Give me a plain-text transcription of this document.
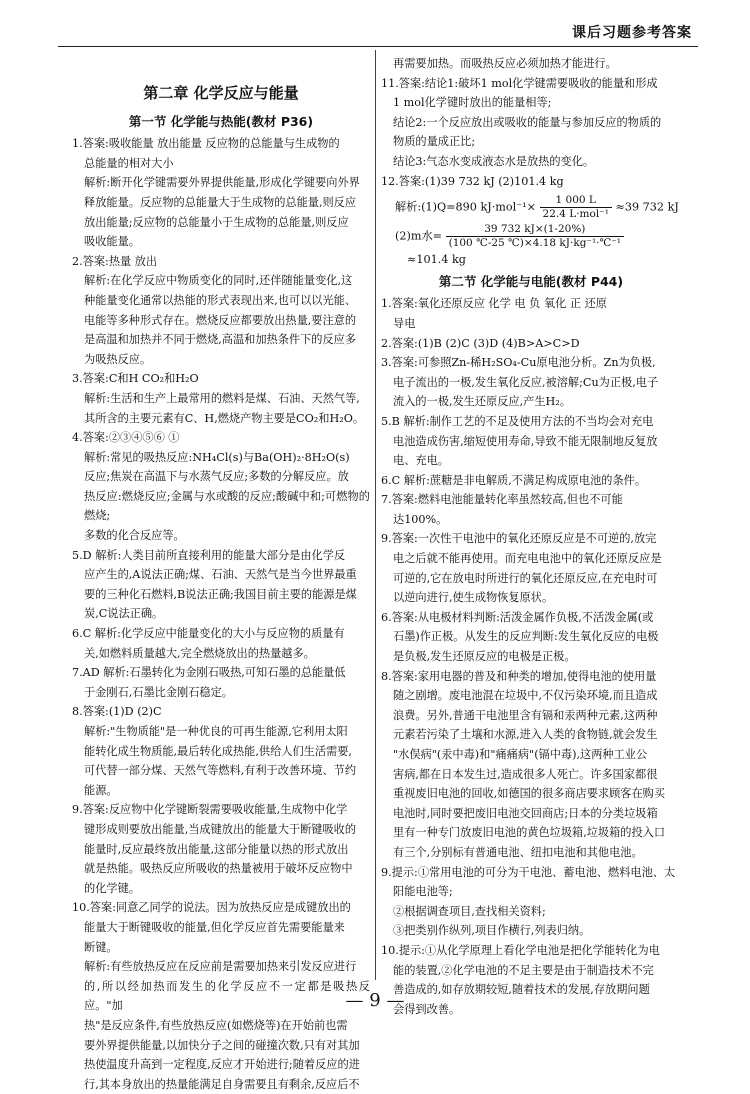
课后习题参考答案
第二章 化学反应与能量
第一节 化学能与热能(教材 P36)
1.答案:吸收能量 放出能量 反应物的总能量与生成物的
总能量的相对大小
解析:断开化学键需要外界提供能量,形成化学键要向外界
释放能量。反应物的总能量大于生成物的总能量,则反应
放出能量;反应物的总能量小于生成物的总能量,则反应
吸收能量。
2.答案:热量 放出
解析:在化学反应中物质变化的同时,还伴随能量变化,这
种能量变化通常以热能的形式表现出来,也可以以光能、
电能等多种形式存在。燃烧反应都要放出热量,要注意的
是高温和加热并不同于燃烧,高温和加热条件下的反应多
为吸热反应。
3.答案:C和H CO₂和H₂O
解析:生活和生产上最常用的燃料是煤、石油、天然气等,
其所含的主要元素有C、H,燃烧产物主要是CO₂和H₂O。
4.答案:②③④⑤⑥ ①
解析:常见的吸热反应:NH₄Cl(s)与Ba(OH)₂·8H₂O(s)
反应;焦炭在高温下与水蒸气反应;多数的分解反应。放
热反应:燃烧反应;金属与水或酸的反应;酸碱中和;可燃物的燃烧;
多数的化合反应等。
5.D 解析:人类目前所直接利用的能量大部分是由化学反
应产生的,A说法正确;煤、石油、天然气是当今世界最重
要的三种化石燃料,B说法正确;我国目前主要的能源是煤
炭,C说法正确。
6.C 解析:化学反应中能量变化的大小与反应物的质量有
关,如燃料质量越大,完全燃烧放出的热量越多。
7.AD 解析:石墨转化为金刚石吸热,可知石墨的总能量低
于金刚石,石墨比金刚石稳定。
8.答案:(1)D (2)C
解析:"生物质能"是一种优良的可再生能源,它利用太阳
能转化成生物质能,最后转化成热能,供给人们生活需要,
可代替一部分煤、天然气等燃料,有利于改善环境、节约
能源。
9.答案:反应物中化学键断裂需要吸收能量,生成物中化学
键形成则要放出能量,当成键放出的能量大于断键吸收的
能量时,反应最终放出能量,这部分能量以热的形式放出
就是热能。吸热反应所吸收的热量被用于破坏反应物中
的化学键。
10.答案:同意乙同学的说法。因为放热反应是成键放出的
能量大于断键吸收的能量,但化学反应首先需要能量来
断键。
解析:有些放热反应在反应前是需要加热来引发反应进行
的,所以经加热而发生的化学反应不一定都是吸热反应。"加
热"是反应条件,有些放热反应(如燃烧等)在开始前也需
要外界提供能量,以加快分子之间的碰撞次数,只有对其加
热使温度升高到一定程度,反应才开始进行;随着反应的进
行,其本身放出的热量能满足自身需要且有剩余,反应后不
再需要加热。而吸热反应必须加热才能进行。
11.答案:结论1:破坏1 mol化学键需要吸收的能量和形成
1 mol化学键时放出的能量相等;
结论2:一个反应放出或吸收的能量与参加反应的物质的
物质的量成正比;
结论3:气态水变成液态水是放热的变化。
12.答案:(1)39 732 kJ (2)101.4 kg
解析:(1)Q=890 $kJ\cdot mol^{-1}\times \frac{1 000 L}{\text{22.4 L·mol⁻¹}} \approx 39$ 732 kJ
(2)m水= $\frac{39 732 kJ\times(1-20\%)}{\text{(100 ℃-25 ℃)×4.18 kJ·kg⁻¹·℃⁻¹}}$
≈101.4 kg
第二节 化学能与电能(教材 P44)
1.答案:氧化还原反应 化学 电 负 氧化 正 还原
导电
2.答案:(1)B (2)C (3)D (4)B>A>C>D
3.答案:可参照Zn-稀H₂SO₄-Cu原电池分析。Zn为负极,
电子流出的一极,发生氧化反应,被溶解;Cu为正极,电子
流入的一极,发生还原反应,产生H₂。
5.B 解析:制作工艺的不足及使用方法的不当均会对充电
电池造成伤害,缩短使用寿命,导致不能无限制地反复放
电、充电。
6.C 解析:蔗糖是非电解质,不满足构成原电池的条件。
7.答案:燃料电池能量转化率虽然较高,但也不可能
达100%。
9.答案:一次性干电池中的氧化还原反应是不可逆的,放完
电之后就不能再使用。而充电电池中的氧化还原反应是
可逆的,它在放电时所进行的氧化还原反应,在充电时可
以逆向进行,使生成物恢复原状。
6.答案:从电极材料判断:活泼金属作负极,不活泼金属(或
石墨)作正极。从发生的反应判断:发生氧化反应的电极
是负极,发生还原反应的电极是正极。
8.答案:家用电器的普及和种类的增加,使得电池的使用量
随之剧增。废电池混在垃圾中,不仅污染环境,而且造成
浪费。另外,普通干电池里含有镉和汞两种元素,这两种
元素若污染了土壤和水源,进入人类的食物链,就会发生
"水俣病"(汞中毒)和"痛痛病"(镉中毒),这两种工业公
害病,都在日本发生过,造成很多人死亡。许多国家都很
重视废旧电池的回收,如德国的很多商店要求顾客在购买
电池时,同时要把废旧电池交回商店;日本的分类垃圾箱
里有一种专门放废旧电池的黄色垃圾箱,垃圾箱的投入口
有三个,分别标有普通电池、纽扣电池和其他电池。
9.提示:①常用电池的可分为干电池、蓄电池、燃料电池、太
阳能电池等;
②根据调查项目,查找相关资料;
③把类别作纵列,项目作横行,列表归纳。
10.提示:①从化学原理上看化学电池是把化学能转化为电
能的装置,②化学电池的不足主要是由于制造技术不完
善造成的,如存放期较短,随着技术的发展,存放期问题
会得到改善。
— 9 —
